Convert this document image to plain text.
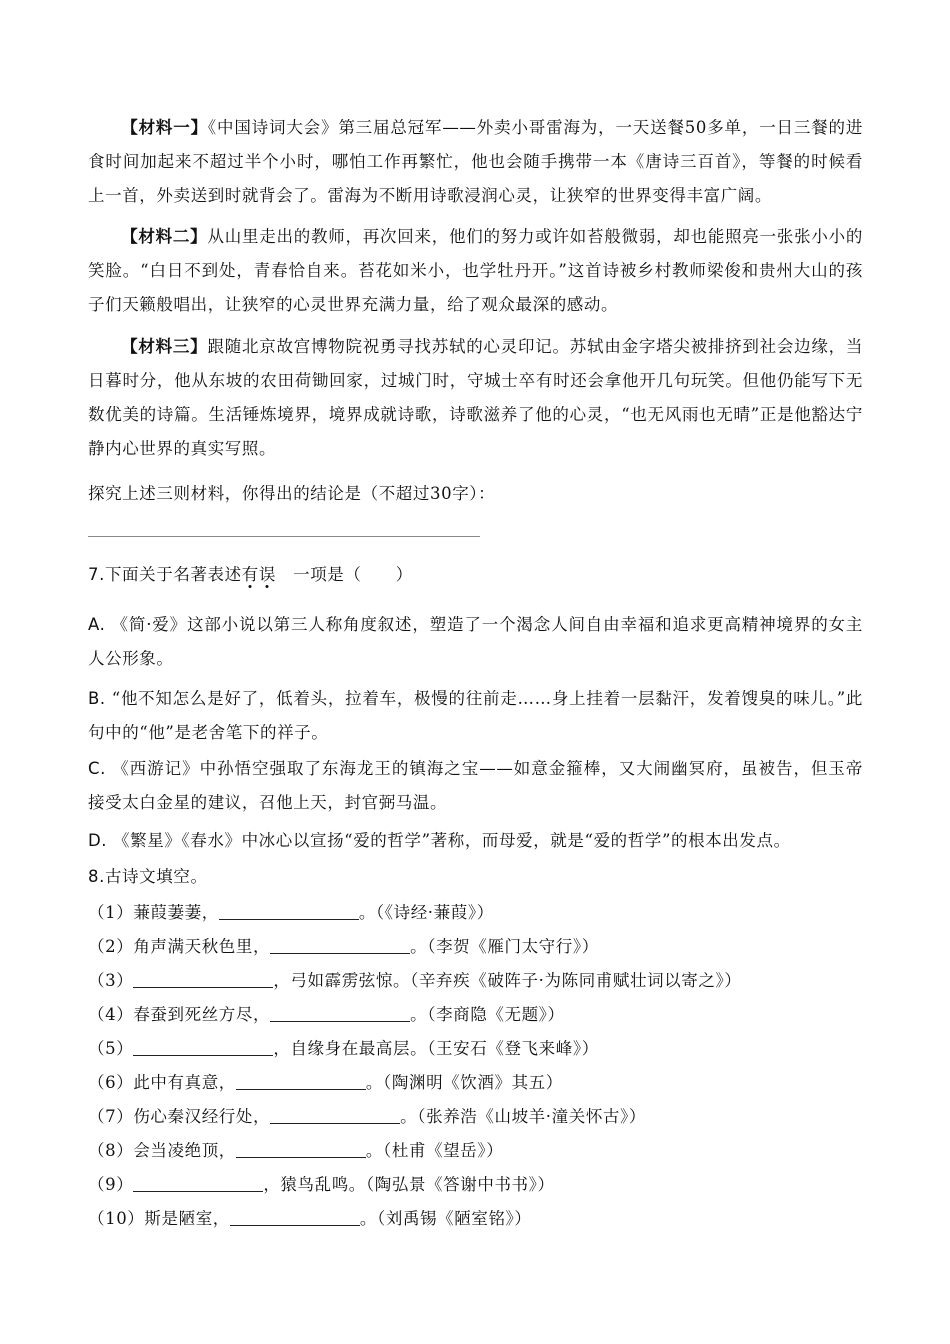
【材料一】《中国诗词大会》第三届总冠军——外卖小哥雷海为，一天送餐50多单，一日三餐的进食时间加起来不超过半个小时，哪怕工作再繁忙，他也会随手携带一本《唐诗三百首》，等餐的时候看上一首，外卖送到时就背会了。雷海为不断用诗歌浸润心灵，让狭窄的世界变得丰富广阔。
【材料二】从山里走出的教师，再次回来，他们的努力或许如苔般微弱，却也能照亮一张张小小的笑脸。“白日不到处，青春恰自来。苔花如米小，也学牡丹开。”这首诗被乡村教师梁俊和贵州大山的孩子们天籁般唱出，让狭窄的心灵世界充满力量，给了观众最深的感动。
【材料三】跟随北京故宫博物院祝勇寻找苏轼的心灵印记。苏轼由金字塔尖被排挤到社会边缘，当日暮时分，他从东坡的农田荷锄回家，过城门时，守城士卒有时还会拿他开几句玩笑。但他仍能写下无数优美的诗篇。生活锤炼境界，境界成就诗歌，诗歌滋养了他的心灵，“也无风雨也无晴”正是他豁达宁静内心世界的真实写照。
探究上述三则材料，你得出的结论是（不超过30字）：
7.下面关于名著表述有
误
　 一项是（　　）
A. 《简·爱》这部小说以第三人称角度叙述，塑造了一个渴念人间自由幸福和追求更高精神境界的女主人公形象。
B. “他不知怎么是好了，低着头，拉着车，极慢的往前走……身上挂着一层黏汗，发着馊臭的味儿。”此句中的“他”是老舍笔下的祥子。
C. 《西游记》中孙悟空强取了东海龙王的镇海之宝——如意金箍棒，又大闹幽冥府，虽被告，但玉帝接受太白金星的建议，召他上天，封官弼马温。
D. 《繁星》《春水》中冰心以宣扬“爱的哲学”著称，而母爱，就是“爱的哲学”的根本出发点。
8.古诗文填空。
（1）蒹葭萋萋，	。（《诗经·蒹葭》）
（2）角声满天秋色里，	。（李贺《雁门太守行》）
（3）	，弓如霹雳弦惊。（辛弃疾《破阵子·为陈同甫赋壮词以寄之》）
（4）春蚕到死丝方尽，	。（李商隐《无题》）
（5）	，自缘身在最高层。（王安石《登飞来峰》）
（6）此中有真意，	。（陶渊明《饮酒》其五）
（7）伤心秦汉经行处，	。（张养浩《山坡羊·潼关怀古》）
（8）会当凌绝顶，	。（杜甫《望岳》）
（9）	，猿鸟乱鸣。（陶弘景《答谢中书书》）
（10）斯是陋室，	。（刘禹锡《陋室铭》）
